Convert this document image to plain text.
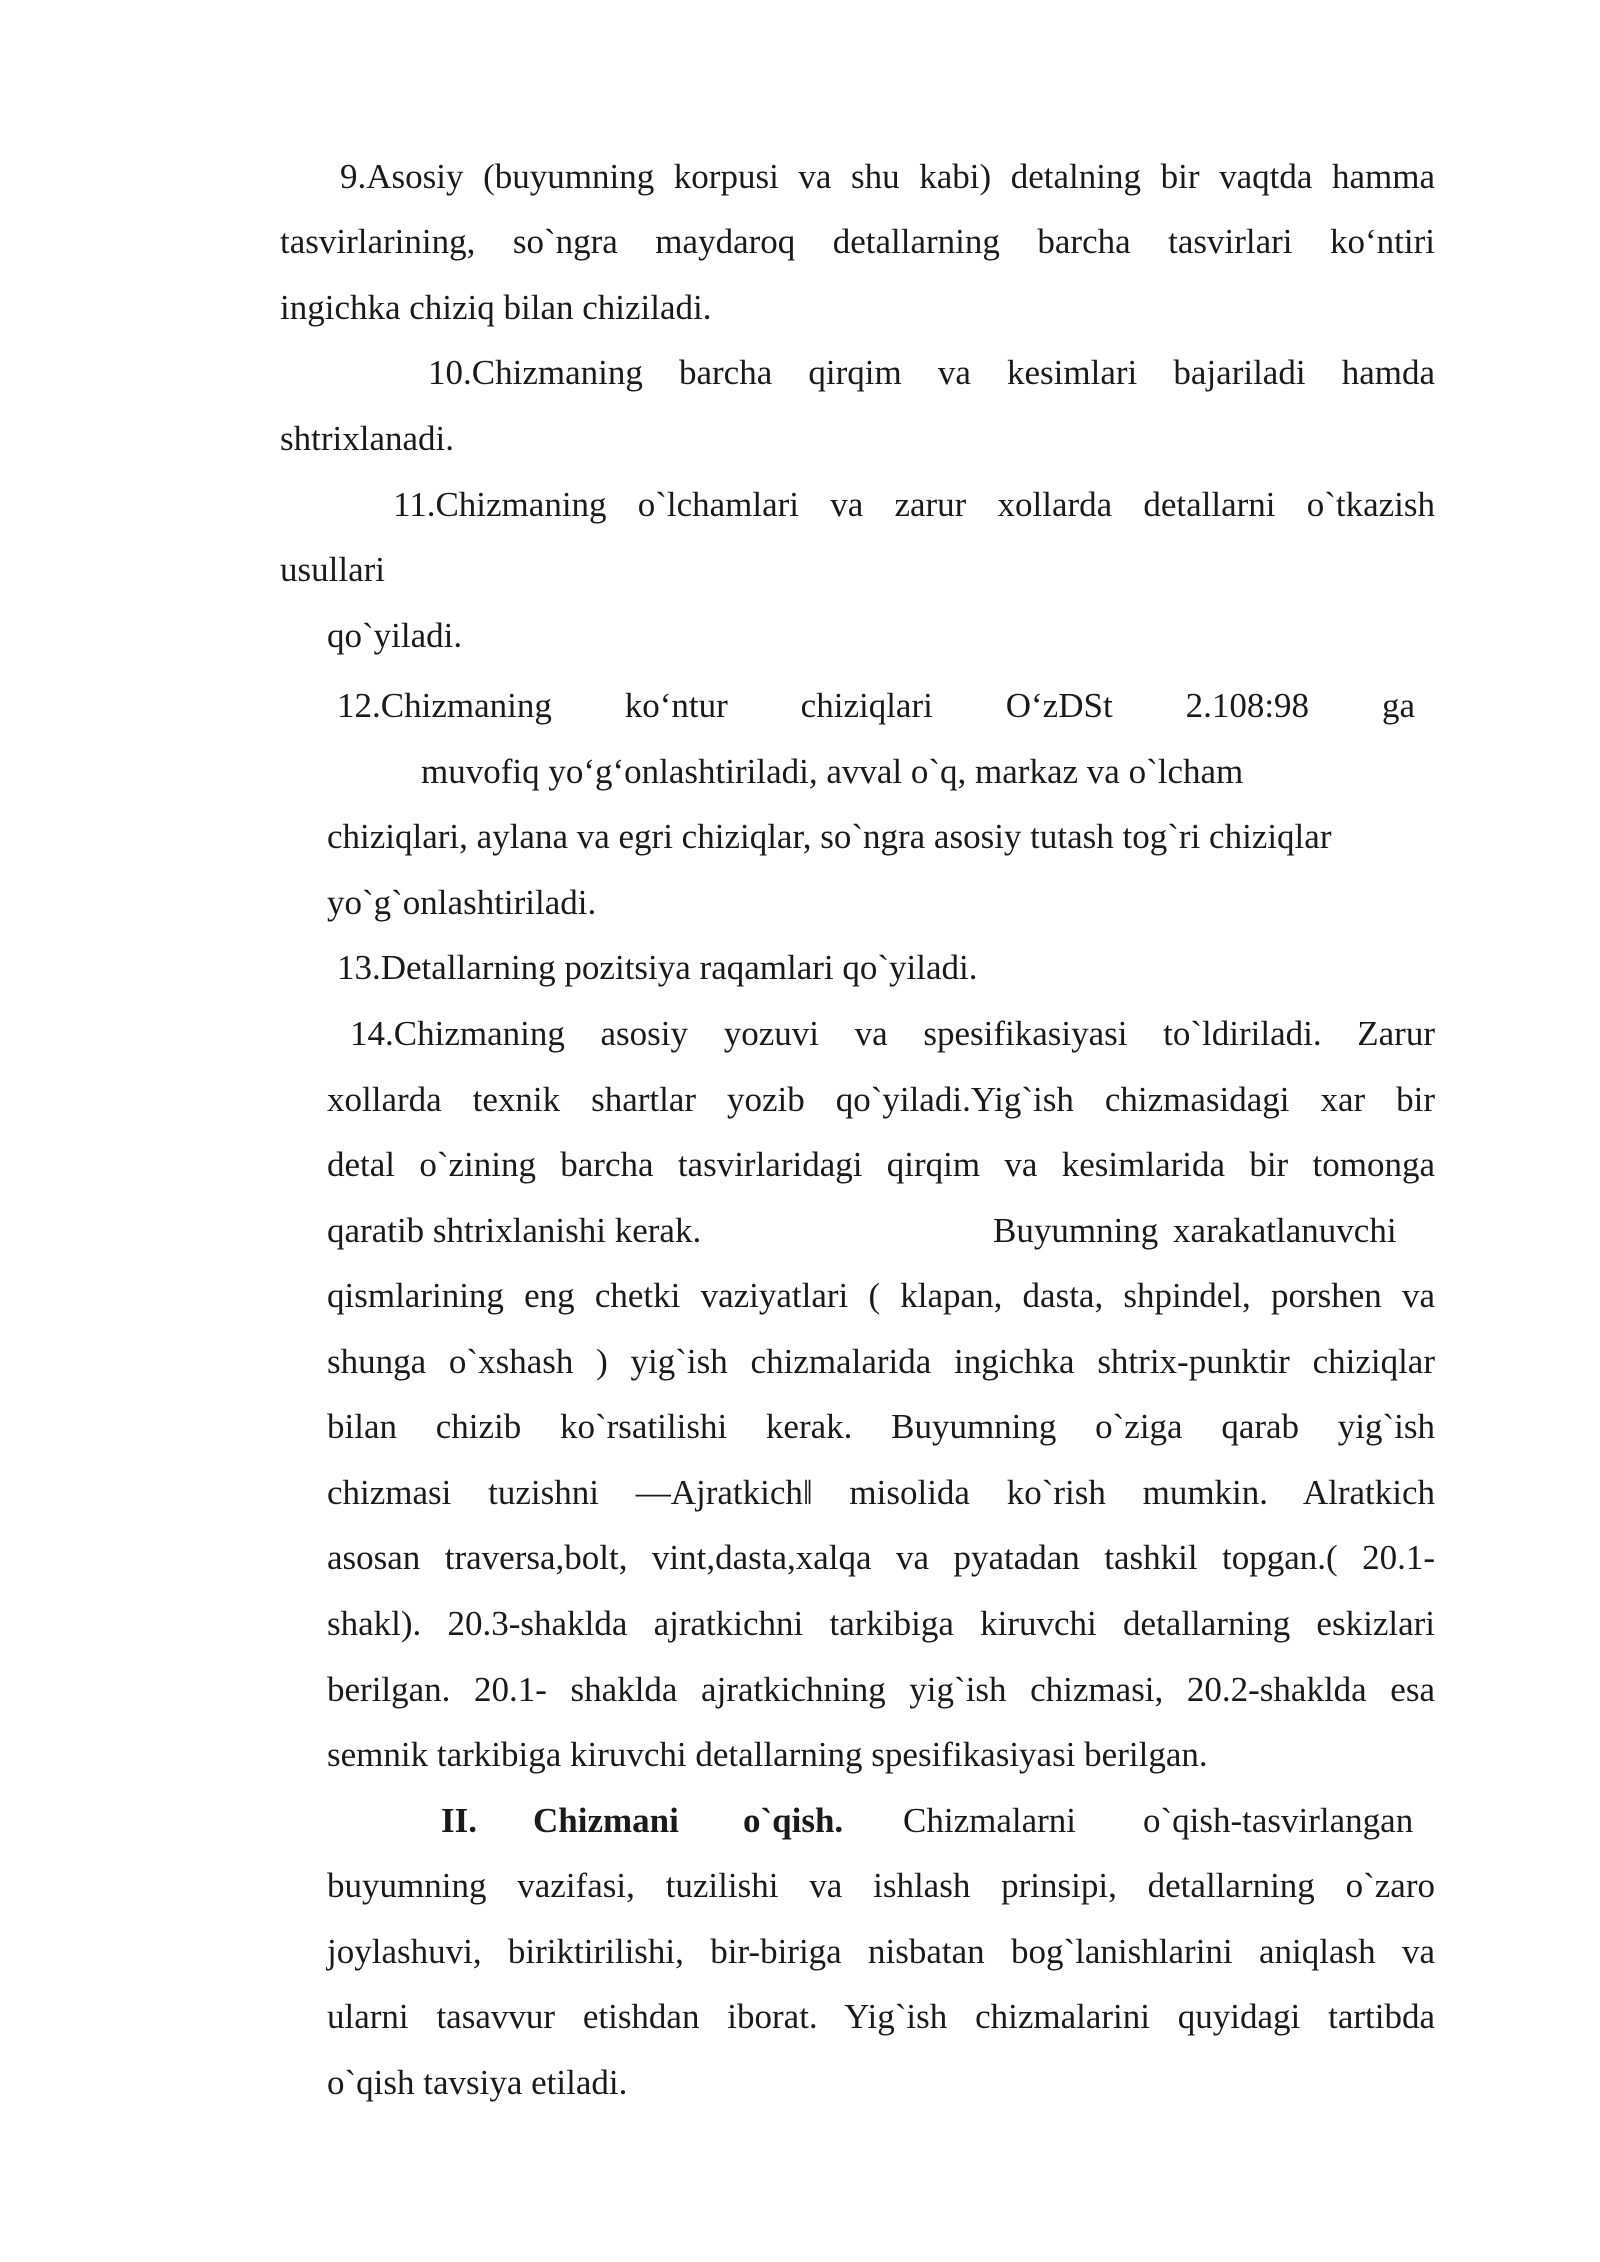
9.Asosiy (buyumning korpusi va shu kabi) detalning bir vaqtda hamma

tasvirlarining, so`ngra maydaroq detallarning barcha tasvirlari ko‘ntiri

ingichka chiziq bilan chiziladi.

10.Chizmaning barcha qirqim va kesimlari bajariladi hamda

shtrixlanadi.

11.Chizmaning o`lchamlari va zarur xollarda detallarni o`tkazish

usullari

qo`yiladi.

12.Chizmaning ko‘ntur chiziqlari O‘zDSt 2.108:98 ga

muvofiq yo‘g‘onlashtiriladi, avval o`q, markaz va o`lcham

chiziqlari, aylana va egri chiziqlar, so`ngra asosiy tutash tog`ri chiziqlar

yo`g`onlashtiriladi.

13.Detallarning pozitsiya raqamlari qo`yiladi.

14.Chizmaning asosiy yozuvi va spesifikasiyasi to`ldiriladi. Zarur

xollarda texnik shartlar yozib qo`yiladi.Yig`ish chizmasidagi xar bir

detal o`zining barcha tasvirlaridagi qirqim va kesimlarida bir tomonga

qaratib shtrixlanishi kerak.	Buyumning xarakatlanuvchi

qismlarining eng chetki vaziyatlari ( klapan, dasta, shpindel, porshen va

shunga o`xshash ) yig`ish chizmalarida ingichka shtrix-punktir chiziqlar

bilan chizib ko`rsatilishi kerak. Buyumning o`ziga qarab yig`ish

chizmasi tuzishni ―Ajratkich‖ misolida ko`rish mumkin. Alratkich

asosan traversa,bolt, vint,dasta,xalqa va pyatadan tashkil topgan.( 20.1-

shakl). 20.3-shaklda ajratkichni tarkibiga kiruvchi detallarning eskizlari

berilgan. 20.1- shaklda ajratkichning yig`ish chizmasi, 20.2-shaklda esa

semnik tarkibiga kiruvchi detallarning spesifikasiyasi berilgan.

II. Chizmani o`qish. Chizmalarni o`qish-tasvirlangan

buyumning vazifasi, tuzilishi va ishlash prinsipi, detallarning o`zaro

joylashuvi, biriktirilishi, bir-biriga nisbatan bog`lanishlarini aniqlash va

ularni tasavvur etishdan iborat. Yig`ish chizmalarini quyidagi tartibda

o`qish tavsiya etiladi.
